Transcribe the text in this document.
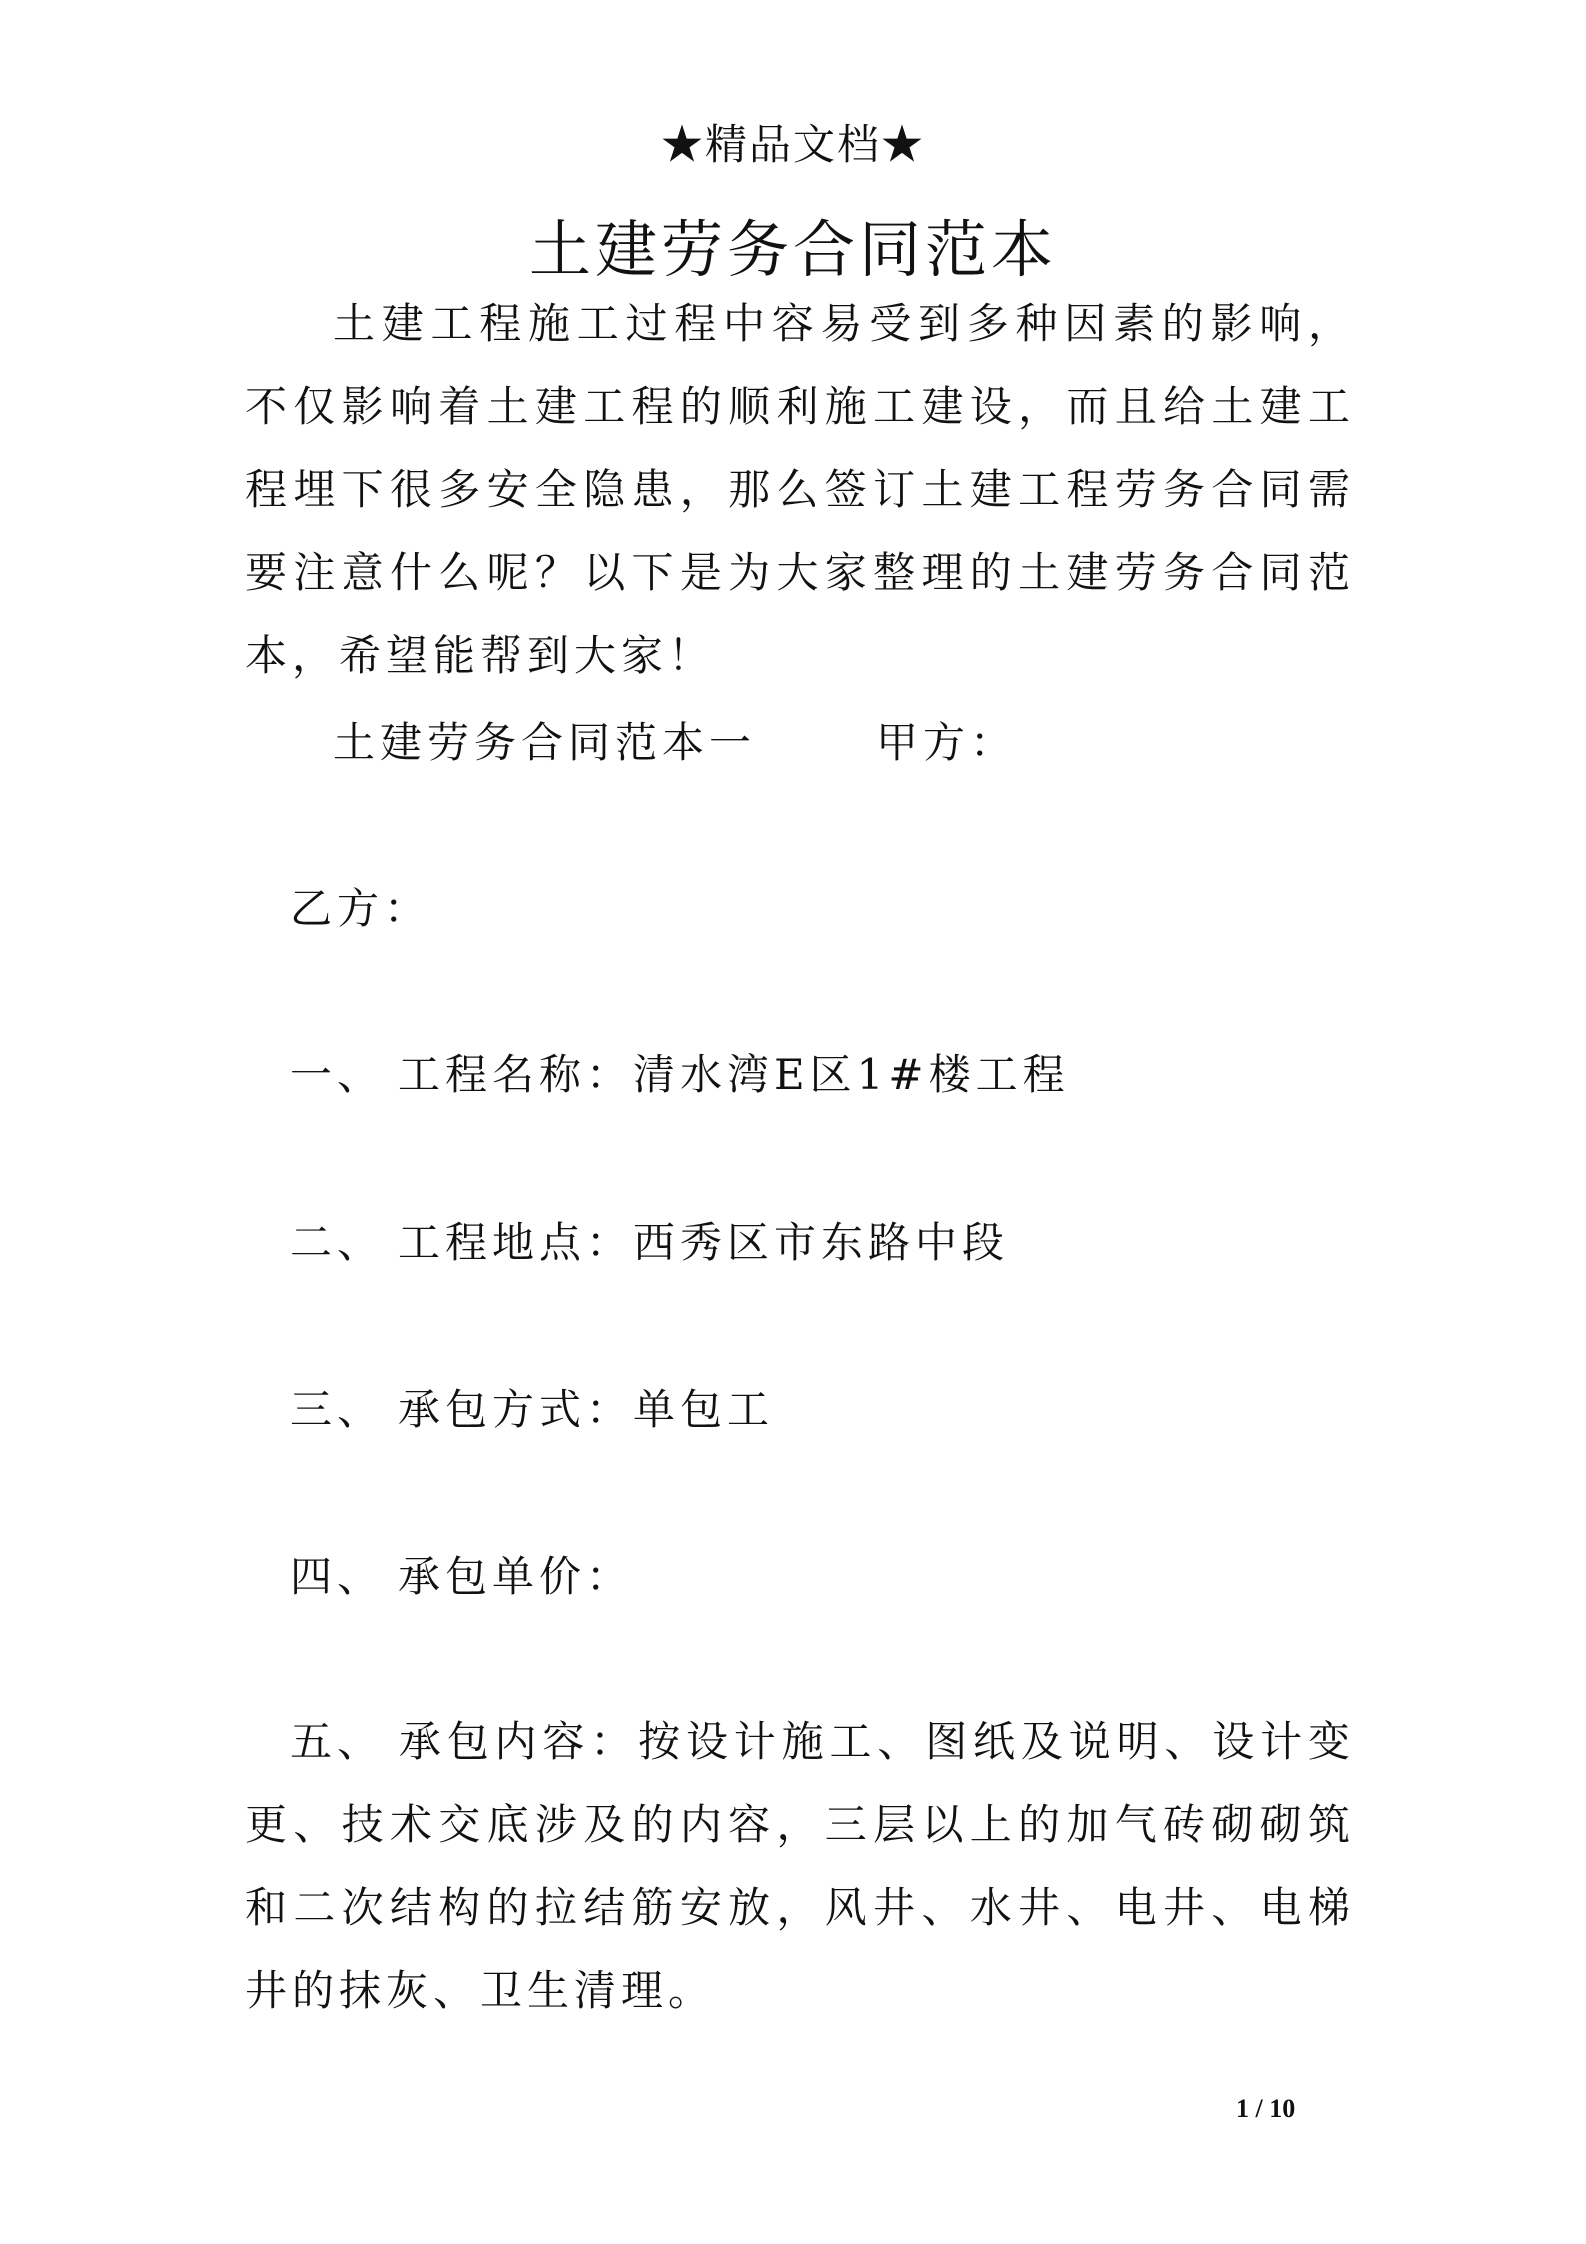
★精品文档★
土建劳务合同范本

土建工程施工过程中容易受到多种因素的影响，不仅影响着土建工程的顺利施工建设，而且给土建工程埋下很多安全隐患，那么签订土建工程劳务合同需要注意什么呢？以下是为大家整理的土建劳务合同范本，希望能帮到大家！

土建劳务合同范本一	甲方：
乙方：
一、 工程名称：清水湾E区1#楼工程
二、 工程地点：西秀区市东路中段
三、 承包方式：单包工
四、 承包单价：

五、 承包内容：按设计施工、图纸及说明、设计变更、技术交底涉及的内容，三层以上的加气砖砌砌筑和二次结构的拉结筋安放，风井、水井、电井、电梯井的抹灰、卫生清理。

1 / 10
